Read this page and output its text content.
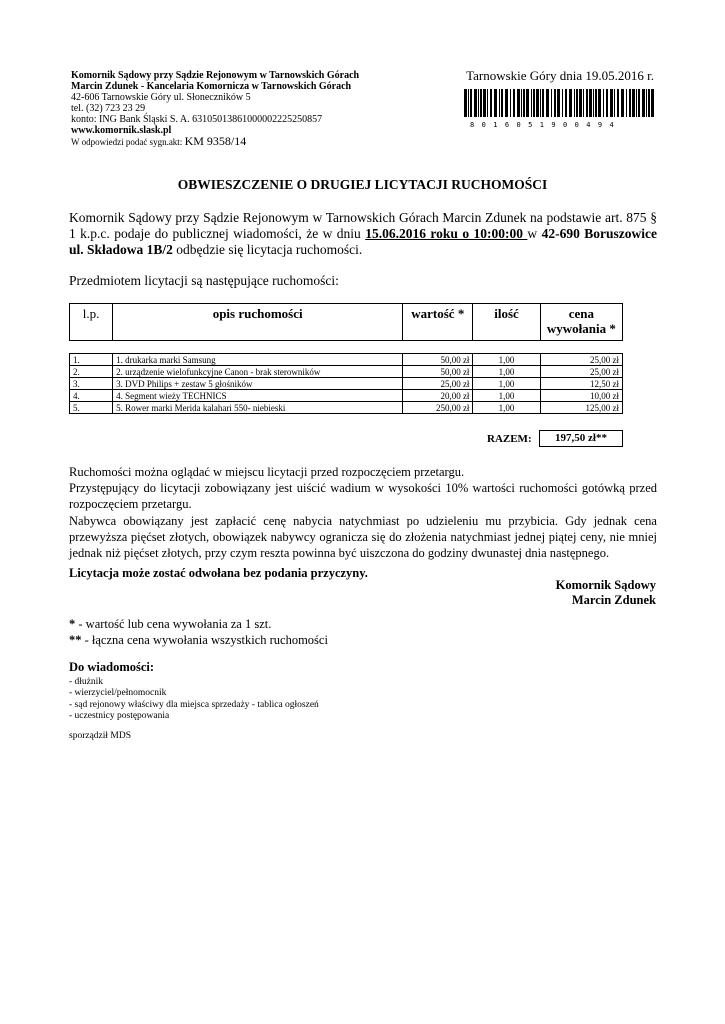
Komornik Sądowy przy Sądzie Rejonowym w Tarnowskich Górach
Marcin Zdunek - Kancelaria Komornicza w Tarnowskich Górach
42-606 Tarnowskie Góry ul. Słoneczników 5
tel. (32) 723 23 29
konto: ING Bank Śląski S. A. 63105013861000002225250857
www.komornik.slask.pl
W odpowiedzi podać sygn.akt: KM 9358/14
Tarnowskie Góry dnia 19.05.2016 r.
8 0 1 6 0 5 1 9 0 0 4 9 4
OBWIESZCZENIE O DRUGIEJ LICYTACJI RUCHOMOŚCI
Komornik Sądowy przy Sądzie Rejonowym w Tarnowskich Górach Marcin Zdunek na podstawie art. 875 § 1 k.p.c. podaje do publicznej wiadomości, że w dniu 15.06.2016 roku o 10:00:00 w 42-690 Boruszowice ul. Składowa 1B/2 odbędzie się licytacja ruchomości.
Przedmiotem licytacji są następujące ruchomości:
l.p.	opis ruchomości	wartość *	ilość	cena
wywołania *
1.	1. drukarka marki Samsung	50,00 zł	1,00	25,00 zł
2.	2. urządzenie wielofunkcyjne Canon - brak sterowników	50,00 zł	1,00	25,00 zł
3.	3. DVD Philips + zestaw 5 głośników	25,00 zł	1,00	12,50 zł
4.	4. Segment wieży TECHNICS	20,00 zł	1,00	10,00 zł
5.	5. Rower marki Merida kalahari 550- niebieski	250,00 zł	1,00	125,00 zł
RAZEM:	197,50 zł**
Ruchomości można oglądać w miejscu licytacji przed rozpoczęciem przetargu.
Przystępujący do licytacji zobowiązany jest uiścić wadium w wysokości 10% wartości ruchomości gotówką przed rozpoczęciem przetargu.
Nabywca obowiązany jest zapłacić cenę nabycia natychmiast po udzieleniu mu przybicia. Gdy jednak cena przewyższa pięćset złotych, obowiązek nabywcy ogranicza się do złożenia natychmiast jednej piątej ceny, nie mniej jednak niż pięćset złotych, przy czym reszta powinna być uiszczona do godziny dwunastej dnia następnego.
Licytacja może zostać odwołana bez podania przyczyny.
Komornik Sądowy
Marcin Zdunek
* - wartość lub cena wywołania za 1 szt.
** - łączna cena wywołania wszystkich ruchomości
Do wiadomości:
- dłużnik
- wierzyciel/pełnomocnik
- sąd rejonowy właściwy dla miejsca sprzedaży - tablica ogłoszeń
- uczestnicy postępowania
sporządził MDS
